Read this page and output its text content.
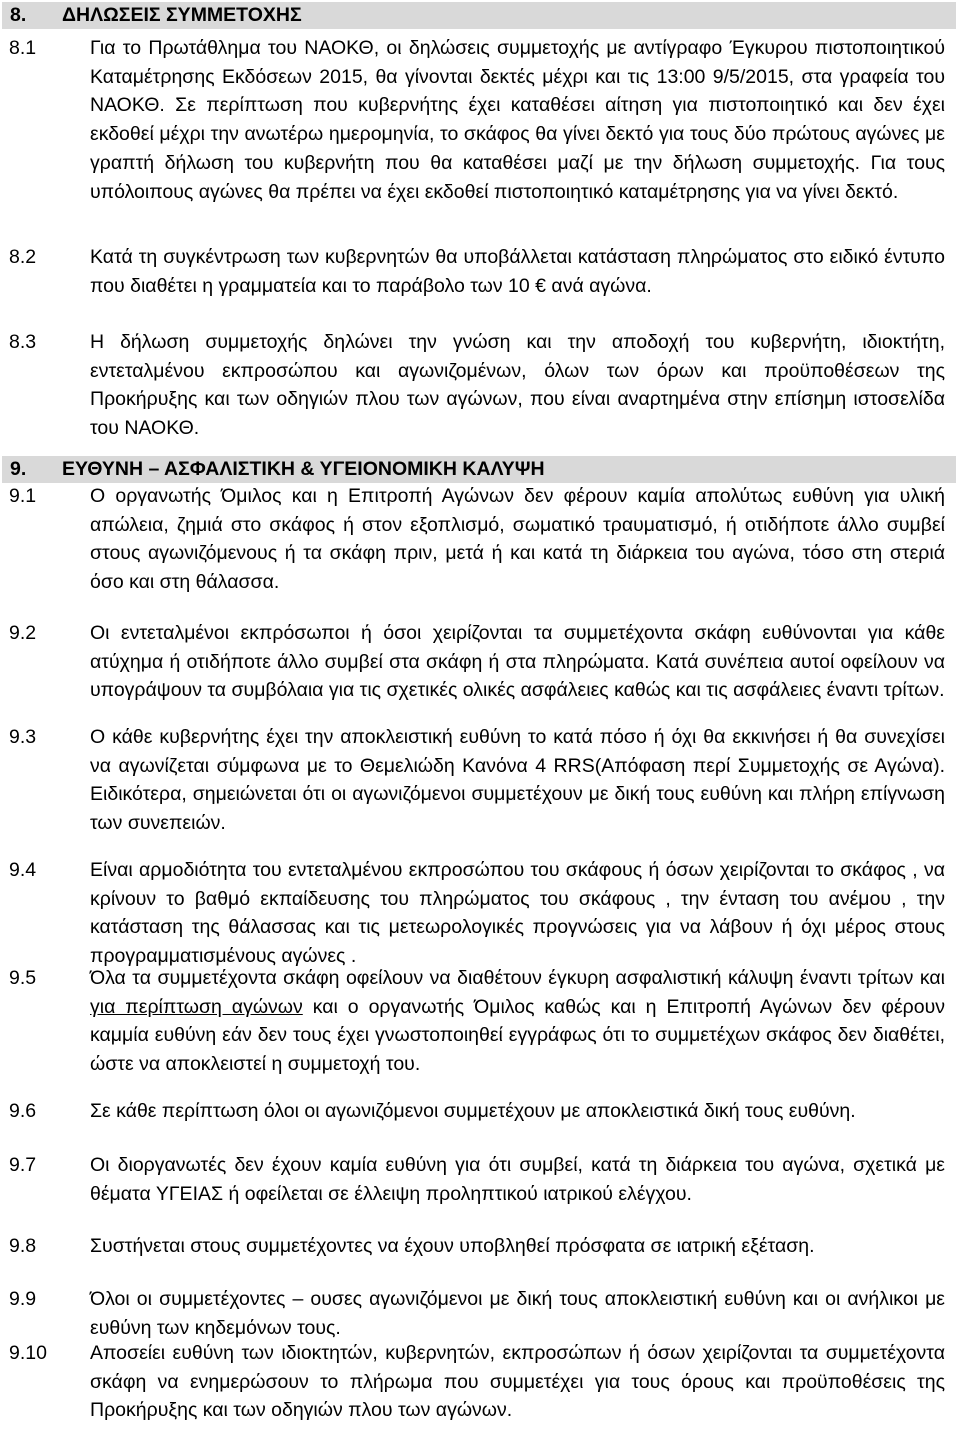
8. ΔΗΛΩΣΕΙΣ ΣΥΜΜΕΤΟΧΗΣ
8.1	Για το Πρωτάθλημα του ΝΑΟΚΘ, οι δηλώσεις συμμετοχής με αντίγραφο Έγκυρου πιστοποιητικού Καταμέτρησης Εκδόσεων 2015, θα γίνονται δεκτές μέχρι και τις 13:00 9/5/2015, στα γραφεία του ΝΑΟΚΘ. Σε περίπτωση που κυβερνήτης έχει καταθέσει αίτηση για πιστοποιητικό και δεν έχει εκδοθεί μέχρι την ανωτέρω ημερομηνία, το σκάφος θα γίνει δεκτό για τους δύο πρώτους αγώνες με γραπτή δήλωση του κυβερνήτη που θα καταθέσει μαζί με την δήλωση συμμετοχής. Για τους υπόλοιπους αγώνες θα πρέπει να έχει εκδοθεί πιστοποιητικό καταμέτρησης για να γίνει δεκτό.
8.2	Κατά τη συγκέντρωση των κυβερνητών θα υποβάλλεται κατάσταση πληρώματος στο ειδικό έντυπο που διαθέτει η γραμματεία και το παράβολο των 10 € ανά αγώνα.
8.3	Η δήλωση συμμετοχής δηλώνει την γνώση και την αποδοχή του κυβερνήτη, ιδιοκτήτη, εντεταλμένου εκπροσώπου και αγωνιζομένων, όλων των όρων και προϋποθέσεων της Προκήρυξης και των οδηγιών πλου των αγώνων, που είναι αναρτημένα στην επίσημη ιστοσελίδα του ΝΑΟΚΘ.
9. ΕΥΘΥΝΗ – ΑΣΦΑΛΙΣΤΙΚΗ & ΥΓΕΙΟΝΟΜΙΚΗ ΚΑΛΥΨΗ
9.1	Ο οργανωτής Όμιλος και η Επιτροπή Αγώνων δεν φέρουν καμία απολύτως ευθύνη για υλική απώλεια, ζημιά στο σκάφος ή στον εξοπλισμό, σωματικό τραυματισμό, ή οτιδήποτε άλλο συμβεί στους αγωνιζόμενους ή τα σκάφη πριν, μετά ή και κατά τη διάρκεια του αγώνα, τόσο στη στεριά όσο και στη θάλασσα.
9.2	Οι εντεταλμένοι εκπρόσωποι ή όσοι χειρίζονται τα συμμετέχοντα σκάφη ευθύνονται για κάθε ατύχημα ή οτιδήποτε άλλο συμβεί στα σκάφη ή στα πληρώματα. Κατά συνέπεια αυτοί οφείλουν να υπογράψουν τα συμβόλαια για τις σχετικές ολικές ασφάλειες καθώς και τις ασφάλειες έναντι τρίτων.
9.3	Ο κάθε κυβερνήτης έχει την αποκλειστική ευθύνη το κατά πόσο ή όχι θα εκκινήσει ή θα συνεχίσει να αγωνίζεται σύμφωνα με το Θεμελιώδη Κανόνα 4 RRS(Απόφαση περί Συμμετοχής σε Αγώνα). Ειδικότερα, σημειώνεται ότι οι αγωνιζόμενοι συμμετέχουν με δική τους ευθύνη και πλήρη επίγνωση των συνεπειών.
9.4	Είναι αρμοδιότητα του εντεταλμένου εκπροσώπου του σκάφους ή όσων χειρίζονται το σκάφος , να κρίνουν το βαθμό εκπαίδευσης του πληρώματος του σκάφους , την ένταση του ανέμου , την κατάσταση της θάλασσας και τις μετεωρολογικές προγνώσεις για να λάβουν ή όχι μέρος στους προγραμματισμένους αγώνες .
9.5	Όλα τα συμμετέχοντα σκάφη οφείλουν να διαθέτουν έγκυρη ασφαλιστική κάλυψη έναντι τρίτων και για περίπτωση αγώνων και ο οργανωτής Όμιλος καθώς και η Επιτροπή Αγώνων δεν φέρουν καμμία ευθύνη εάν δεν τους έχει γνωστοποιηθεί εγγράφως ότι το συμμετέχων σκάφος δεν διαθέτει, ώστε να αποκλειστεί η συμμετοχή του.
9.6	Σε κάθε περίπτωση όλοι οι αγωνιζόμενοι συμμετέχουν με αποκλειστικά δική τους ευθύνη.
9.7	Οι διοργανωτές δεν έχουν καμία ευθύνη για ότι συμβεί, κατά τη διάρκεια του αγώνα, σχετικά με θέματα ΥΓΕΙΑΣ ή οφείλεται σε έλλειψη προληπτικού ιατρικού ελέγχου.
9.8	Συστήνεται στους συμμετέχοντες να έχουν υποβληθεί πρόσφατα σε ιατρική εξέταση.
9.9	Όλοι οι συμμετέχοντες – ουσες αγωνιζόμενοι με δική τους αποκλειστική ευθύνη και οι ανήλικοι με ευθύνη των κηδεμόνων τους.
9.10 Αποσείει ευθύνη των ιδιοκτητών, κυβερνητών, εκπροσώπων ή όσων χειρίζονται τα συμμετέχοντα σκάφη να ενημερώσουν το πλήρωμα που συμμετέχει για τους όρους και προϋποθέσεις της Προκήρυξης και των οδηγιών πλου των αγώνων.
